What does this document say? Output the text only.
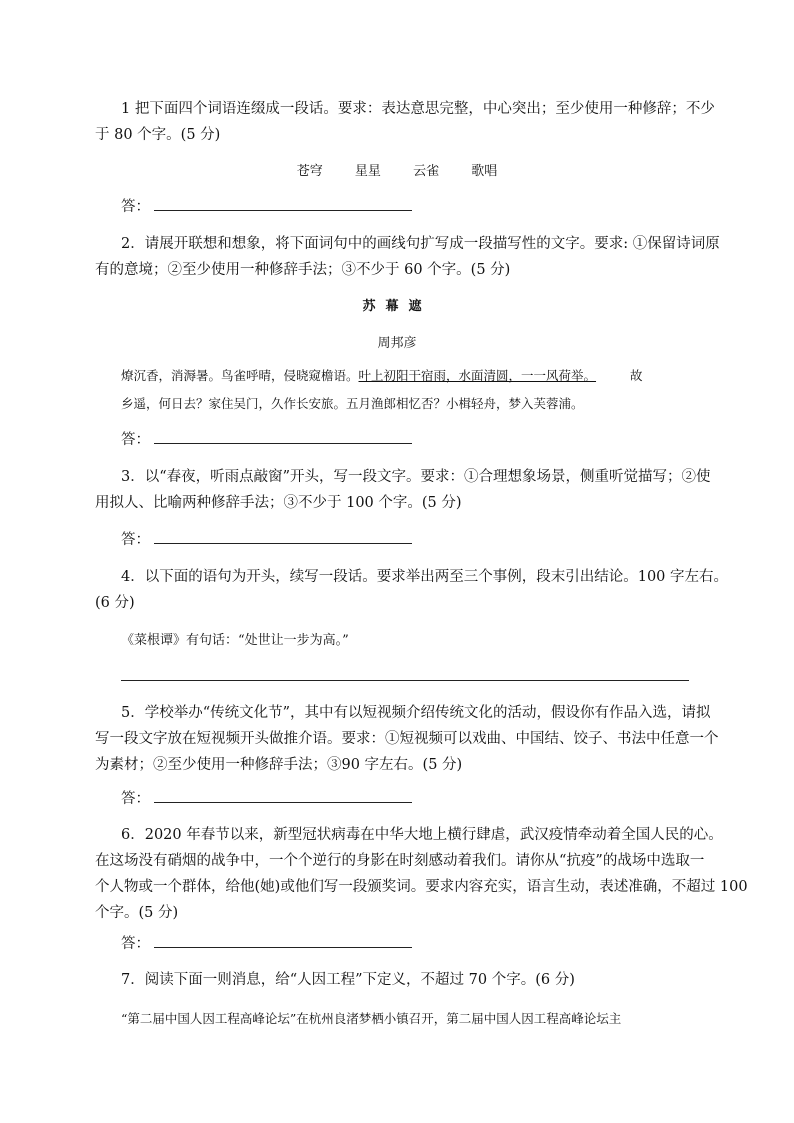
1 把下面四个词语连缀成一段话。要求：表达意思完整，中心突出；至少使用一种修辞；不少
于 80 个字。(5 分)
苍穹 星星 云雀 歌唱
答：
2．请展开联想和想象，将下面词句中的画线句扩写成一段描写性的文字。要求: ①保留诗词原
有的意境；②至少使用一种修辞手法；③不少于 60 个字。(5 分)
苏幕遮
周邦彦
燎沉香，消溽暑。鸟雀呼晴，侵晓窥檐语。叶上初阳干宿雨，水面清圆，一一风荷举。	故
乡遥，何日去？家住吴门，久作长安旅。五月渔郎相忆否？小楫轻舟，梦入芙蓉浦。
答：
3．以“春夜，听雨点敲窗”开头，写一段文字。要求：①合理想象场景，侧重听觉描写；②使
用拟人、比喻两种修辞手法；③不少于 100 个字。(5 分)
答：
4．以下面的语句为开头，续写一段话。要求举出两至三个事例，段末引出结论。100 字左右。
(6 分)
《菜根谭》有句话：“处世让一步为高。”
5．学校举办“传统文化节”，其中有以短视频介绍传统文化的活动，假设你有作品入选，请拟
写一段文字放在短视频开头做推介语。要求：①短视频可以戏曲、中国结、饺子、书法中任意一个
为素材；②至少使用一种修辞手法；③90 字左右。(5 分)
答：
6．2020 年春节以来，新型冠状病毒在中华大地上横行肆虐，武汉疫情牵动着全国人民的心。
在这场没有硝烟的战争中，一个个逆行的身影在时刻感动着我们。请你从“抗疫”的战场中选取一
个人物或一个群体，给他(她)或他们写一段颁奖词。要求内容充实，语言生动，表述准确，不超过 100
个字。(5 分)
答：
7．阅读下面一则消息，给“人因工程”下定义，不超过 70 个字。(6 分)
“第二届中国人因工程高峰论坛”在杭州良渚梦栖小镇召开，第二届中国人因工程高峰论坛主
